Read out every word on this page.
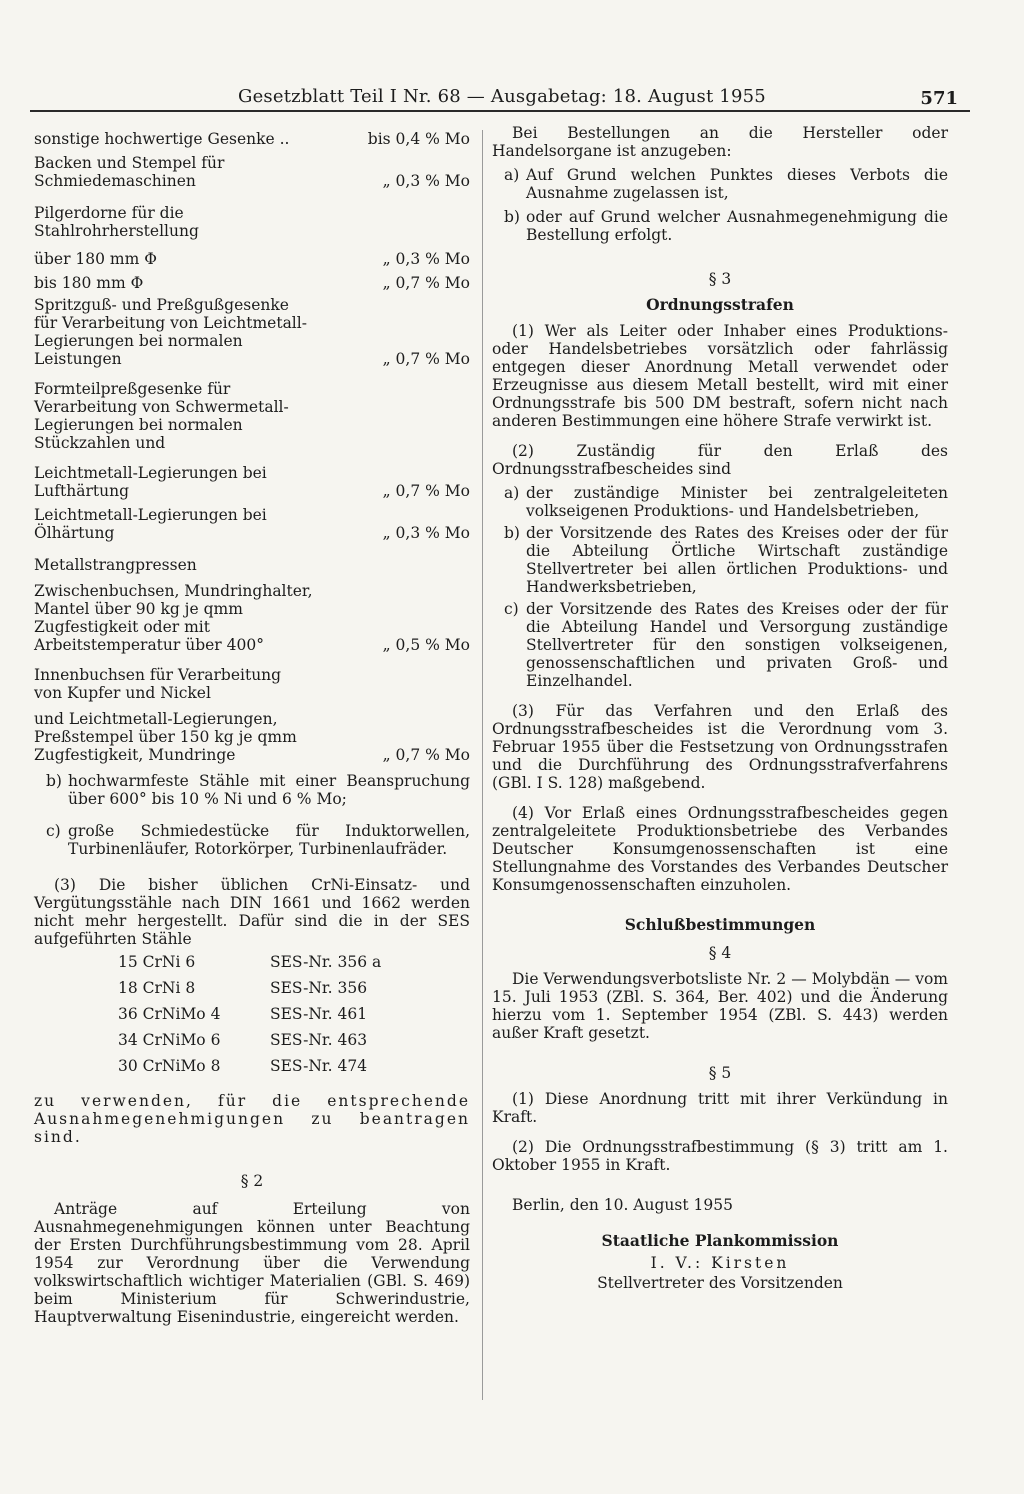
Gesetzblatt Teil I Nr. 68 — Ausgabetag: 18. August 1955	571
sonstige hochwertige Gesenke ..	bis 0,4 % Mo
Backen und Stempel für Schmiedemaschinen	„ 0,3 % Mo
Pilgerdorne für die Stahlrohrherstellung
über 180 mm Φ	„ 0,3 % Mo
bis 180 mm Φ	„ 0,7 % Mo
Spritzguß- und Preßgußgesenke für Verarbeitung von Leichtmetall-Legierungen bei normalen Leistungen	„ 0,7 % Mo
Formteilpreßgesenke für Verarbeitung von Schwermetall-Legierungen bei normalen Stückzahlen und
Leichtmetall-Legierungen bei Lufthärtung	„ 0,7 % Mo
Leichtmetall-Legierungen bei Ölhärtung	„ 0,3 % Mo
Metallstrangpressen
Zwischenbuchsen, Mundringhalter, Mantel über 90 kg je qmm Zugfestigkeit oder mit Arbeitstemperatur über 400°	„ 0,5 % Mo
Innenbuchsen für Verarbeitung von Kupfer und Nickel
und Leichtmetall-Legierungen, Preßstempel über 150 kg je qmm Zugfestigkeit, Mundringe	„ 0,7 % Mo
b) hochwarmfeste Stähle mit einer Beanspruchung über 600° bis 10 % Ni und 6 % Mo;
c) große Schmiedestücke für Induktorwellen, Turbinenläufer, Rotorkörper, Turbinenlaufräder.

(3) Die bisher üblichen CrNi-Einsatz- und Vergütungsstähle nach DIN 1661 und 1662 werden nicht mehr hergestellt. Dafür sind die in der SES aufgeführten Stähle

15 CrNi 6	SES-Nr. 356 a
18 CrNi 8	SES-Nr. 356
36 CrNiMo 4	SES-Nr. 461
34 CrNiMo 6	SES-Nr. 463
30 CrNiMo 8	SES-Nr. 474

zu verwenden, für die entsprechende Ausnahmegenehmigungen zu beantragen sind.

§ 2

Anträge auf Erteilung von Ausnahmegenehmigungen können unter Beachtung der Ersten Durchführungsbestimmung vom 28. April 1954 zur Verordnung über die Verwendung volkswirtschaftlich wichtiger Materialien (GBl. S. 469) beim Ministerium für Schwerindustrie, Hauptverwaltung Eisenindustrie, eingereicht werden.

Bei Bestellungen an die Hersteller oder Handelsorgane ist anzugeben:

a) Auf Grund welchen Punktes dieses Verbots die Ausnahme zugelassen ist,
b) oder auf Grund welcher Ausnahmegenehmigung die Bestellung erfolgt.

§ 3

Ordnungsstrafen

(1) Wer als Leiter oder Inhaber eines Produktions- oder Handelsbetriebes vorsätzlich oder fahrlässig entgegen dieser Anordnung Metall verwendet oder Erzeugnisse aus diesem Metall bestellt, wird mit einer Ordnungsstrafe bis 500 DM bestraft, sofern nicht nach anderen Bestimmungen eine höhere Strafe verwirkt ist.

(2) Zuständig für den Erlaß des Ordnungsstrafbescheides sind

a) der zuständige Minister bei zentralgeleiteten volkseigenen Produktions- und Handelsbetrieben,
b) der Vorsitzende des Rates des Kreises oder der für die Abteilung Örtliche Wirtschaft zuständige Stellvertreter bei allen örtlichen Produktions- und Handwerksbetrieben,
c) der Vorsitzende des Rates des Kreises oder der für die Abteilung Handel und Versorgung zuständige Stellvertreter für den sonstigen volkseigenen, genossenschaftlichen und privaten Groß- und Einzelhandel.

(3) Für das Verfahren und den Erlaß des Ordnungsstrafbescheides ist die Verordnung vom 3. Februar 1955 über die Festsetzung von Ordnungsstrafen und die Durchführung des Ordnungsstrafverfahrens (GBl. I S. 128) maßgebend.

(4) Vor Erlaß eines Ordnungsstrafbescheides gegen zentralgeleitete Produktionsbetriebe des Verbandes Deutscher Konsumgenossenschaften ist eine Stellungnahme des Vorstandes des Verbandes Deutscher Konsumgenossenschaften einzuholen.

Schlußbestimmungen

§ 4

Die Verwendungsverbotsliste Nr. 2 — Molybdän — vom 15. Juli 1953 (ZBl. S. 364, Ber. 402) und die Änderung hierzu vom 1. September 1954 (ZBl. S. 443) werden außer Kraft gesetzt.

§ 5

(1) Diese Anordnung tritt mit ihrer Verkündung in Kraft.

(2) Die Ordnungsstrafbestimmung (§ 3) tritt am 1. Oktober 1955 in Kraft.

Berlin, den 10. August 1955

Staatliche Plankommission

I. V.: Kirsten

Stellvertreter des Vorsitzenden
